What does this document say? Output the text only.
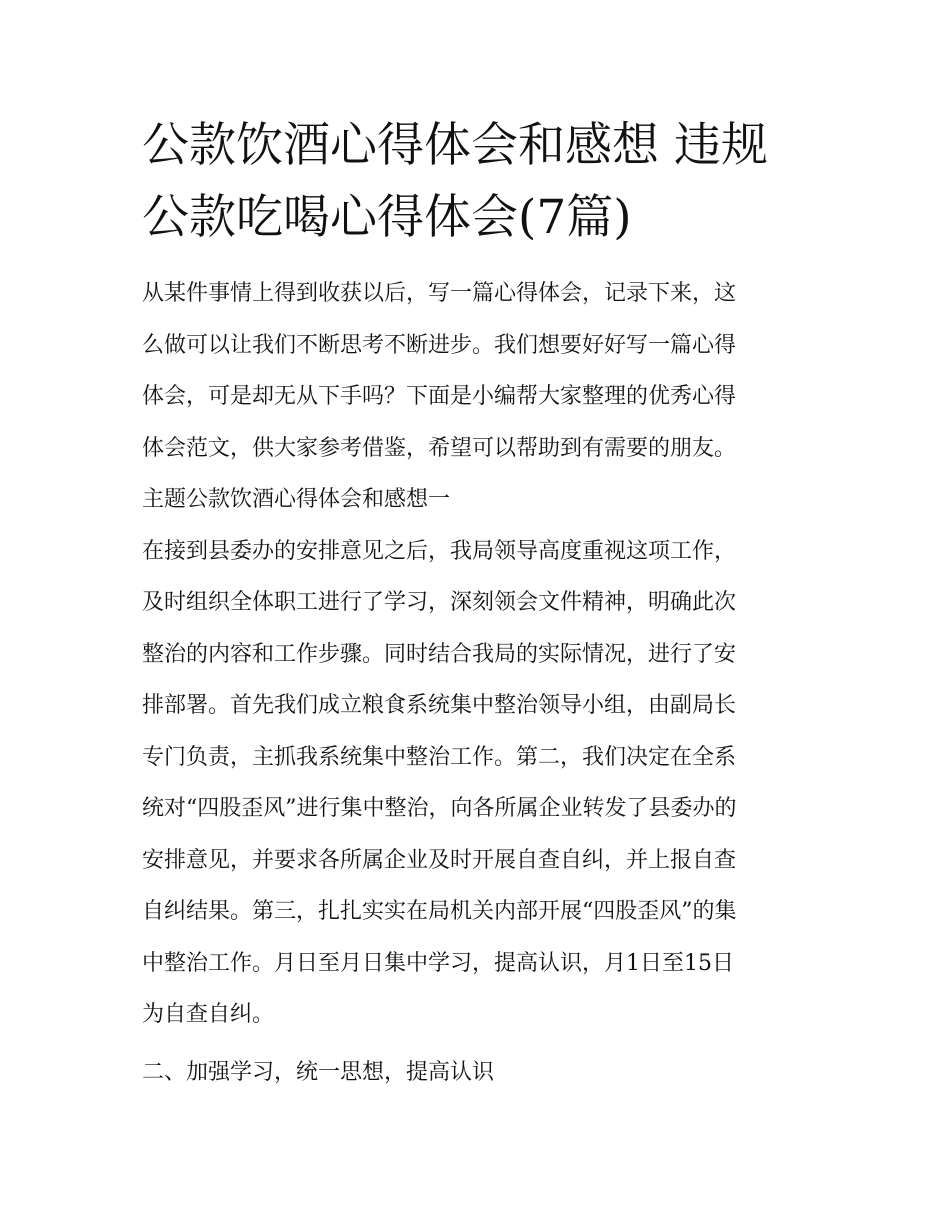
公款饮酒心得体会和感想 违规公款吃喝心得体会(7篇)
从某件事情上得到收获以后，写一篇心得体会，记录下来，这
么做可以让我们不断思考不断进步。我们想要好好写一篇心得
体会，可是却无从下手吗？下面是小编帮大家整理的优秀心得
体会范文，供大家参考借鉴，希望可以帮助到有需要的朋友。

主题公款饮酒心得体会和感想一

在接到县委办的安排意见之后，我局领导高度重视这项工作，
及时组织全体职工进行了学习，深刻领会文件精神，明确此次
整治的内容和工作步骤。同时结合我局的实际情况，进行了安
排部署。首先我们成立粮食系统集中整治领导小组，由副局长
专门负责，主抓我系统集中整治工作。第二，我们决定在全系
统对“四股歪风”进行集中整治，向各所属企业转发了县委办的
安排意见，并要求各所属企业及时开展自查自纠，并上报自查
自纠结果。第三，扎扎实实在局机关内部开展“四股歪风”的集
中整治工作。月日至月日集中学习，提高认识，月1日至15日
为自查自纠。

二、加强学习，统一思想，提高认识
